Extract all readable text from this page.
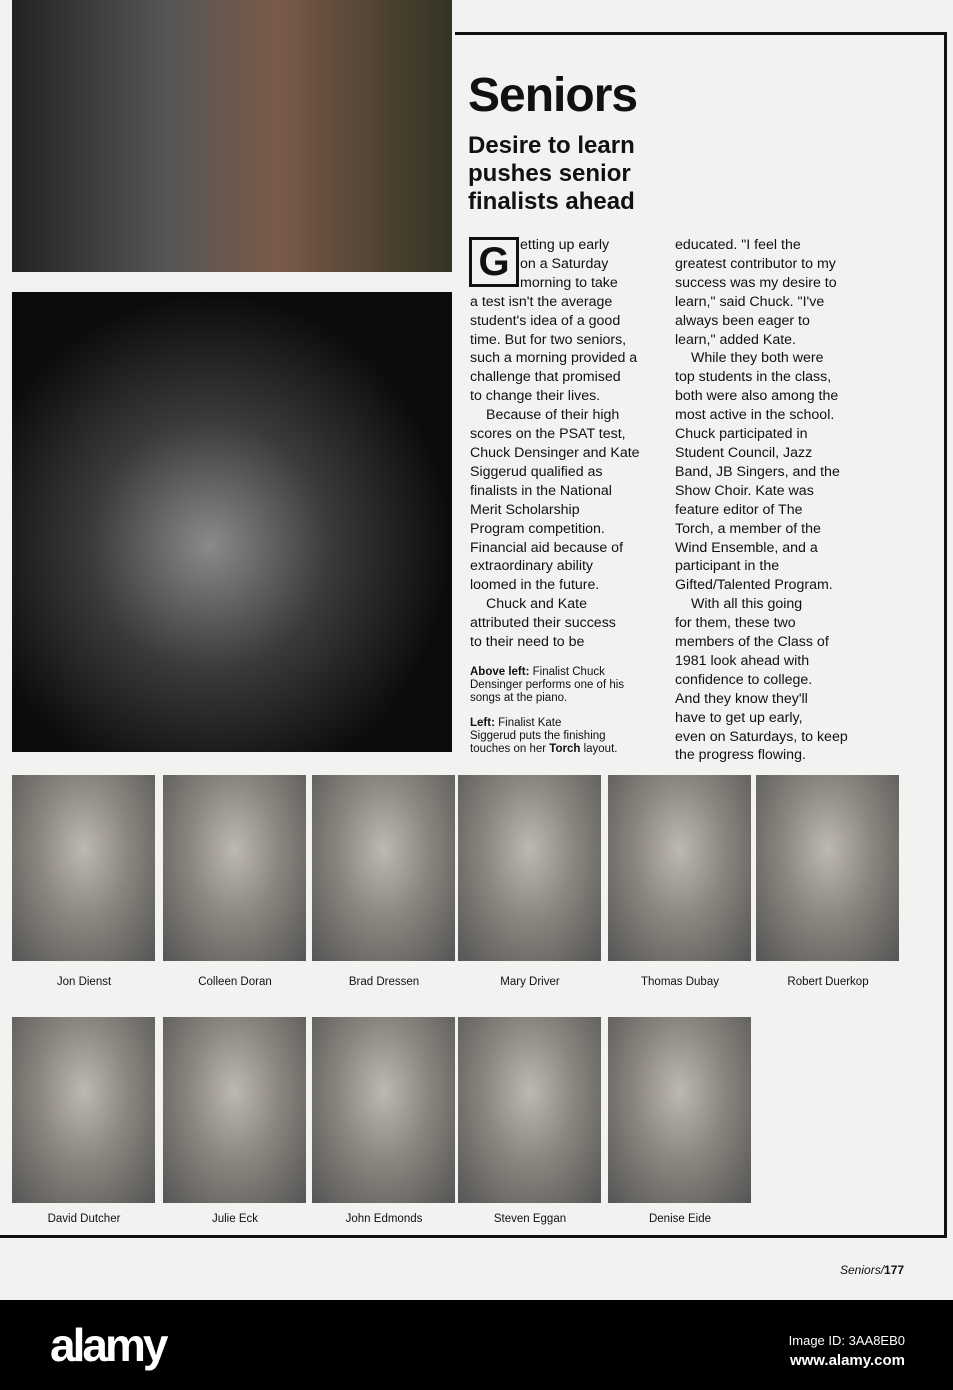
Seniors
Desire to learn
pushes senior
finalists ahead
G etting up early
on a Saturday
morning to take
a test isn't the average
student's idea of a good
time. But for two seniors,
such a morning provided a
challenge that promised
to change their lives.
Because of their high
scores on the PSAT test,
Chuck Densinger and Kate
Siggerud qualified as
finalists in the National
Merit Scholarship
Program competition.
Financial aid because of
extraordinary ability
loomed in the future.
Chuck and Kate
attributed their success
to their need to be
educated. "I feel the
greatest contributor to my
success was my desire to
learn," said Chuck. "I've
always been eager to
learn," added Kate.
While they both were
top students in the class,
both were also among the
most active in the school.
Chuck participated in
Student Council, Jazz
Band, JB Singers, and the
Show Choir. Kate was
feature editor of The
Torch, a member of the
Wind Ensemble, and a
participant in the
Gifted/Talented Program.
With all this going
for them, these two
members of the Class of
1981 look ahead with
confidence to college.
And they know they'll
have to get up early,
even on Saturdays, to keep
the progress flowing.
Above left: Finalist Chuck
Densinger performs one of his
songs at the piano.
Left: Finalist Kate
Siggerud puts the finishing
touches on her Torch layout.
Jon Dienst	Colleen Doran	Brad Dressen	Mary Driver	Thomas Dubay	Robert Duerkop
David Dutcher	Julie Eck	John Edmonds	Steven Eggan	Denise Eide
Seniors/177
alamy	Image ID: 3AA8EB0
www.alamy.com
